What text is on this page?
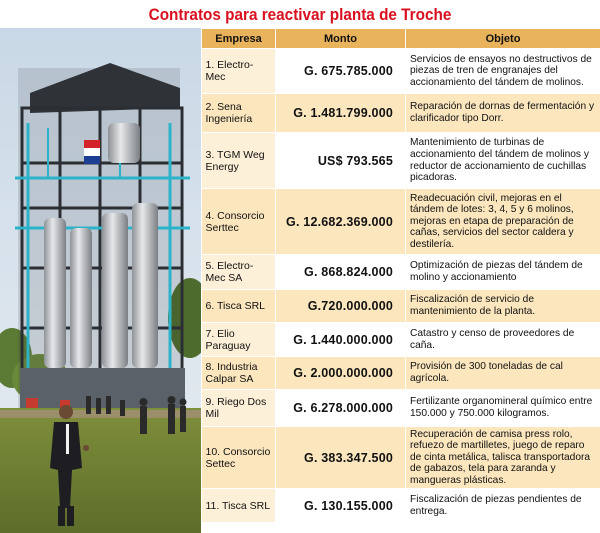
Contratos para reactivar planta de Troche
Empresa	Monto	Objeto
1. Electro-Mec	G. 675.785.000	Servicios de ensayos no destructivos de piezas de tren de engranajes del accionamiento del tándem de molinos.
2. Sena Ingeniería	G. 1.481.799.000	Reparación de dornas de fermentación y clarificador tipo Dorr.
3. TGM Weg Energy	US$ 793.565	Mantenimiento de turbinas de accionamiento del tándem de molinos y reductor de accionamiento de cuchillas picadoras.
4. Consorcio Serttec	G. 12.682.369.000	Readecuación civil, mejoras en el tándem de lotes: 3, 4, 5 y 6 molinos, mejoras en etapa de preparación de cañas, servicios del sector caldera y destilería.
5. Electro-Mec SA	G. 868.824.000	Optimización de piezas del tándem de molino y accionamiento
6. Tisca SRL	G.720.000.000	Fiscalización de servicio de mantenimiento de la planta.
7. Elio Paraguay	G. 1.440.000.000	Catastro y censo de proveedores de caña.
8. Industria Calpar SA	G. 2.000.000.000	Provisión de 300 toneladas de cal agrícola.
9. Riego Dos Mil	G. 6.278.000.000	Fertilizante organomineral químico entre 150.000 y 750.000 kilogramos.
10. Consorcio Settec	G. 383.347.500	Recuperación de camisa press rolo, refuezo de martilletes, juego de reparo de cinta metálica, talisca transportadora de gabazos, tela para zaranda y mangueras plásticas.
11. Tisca SRL	G. 130.155.000	Fiscalización de piezas pendientes de entrega.
